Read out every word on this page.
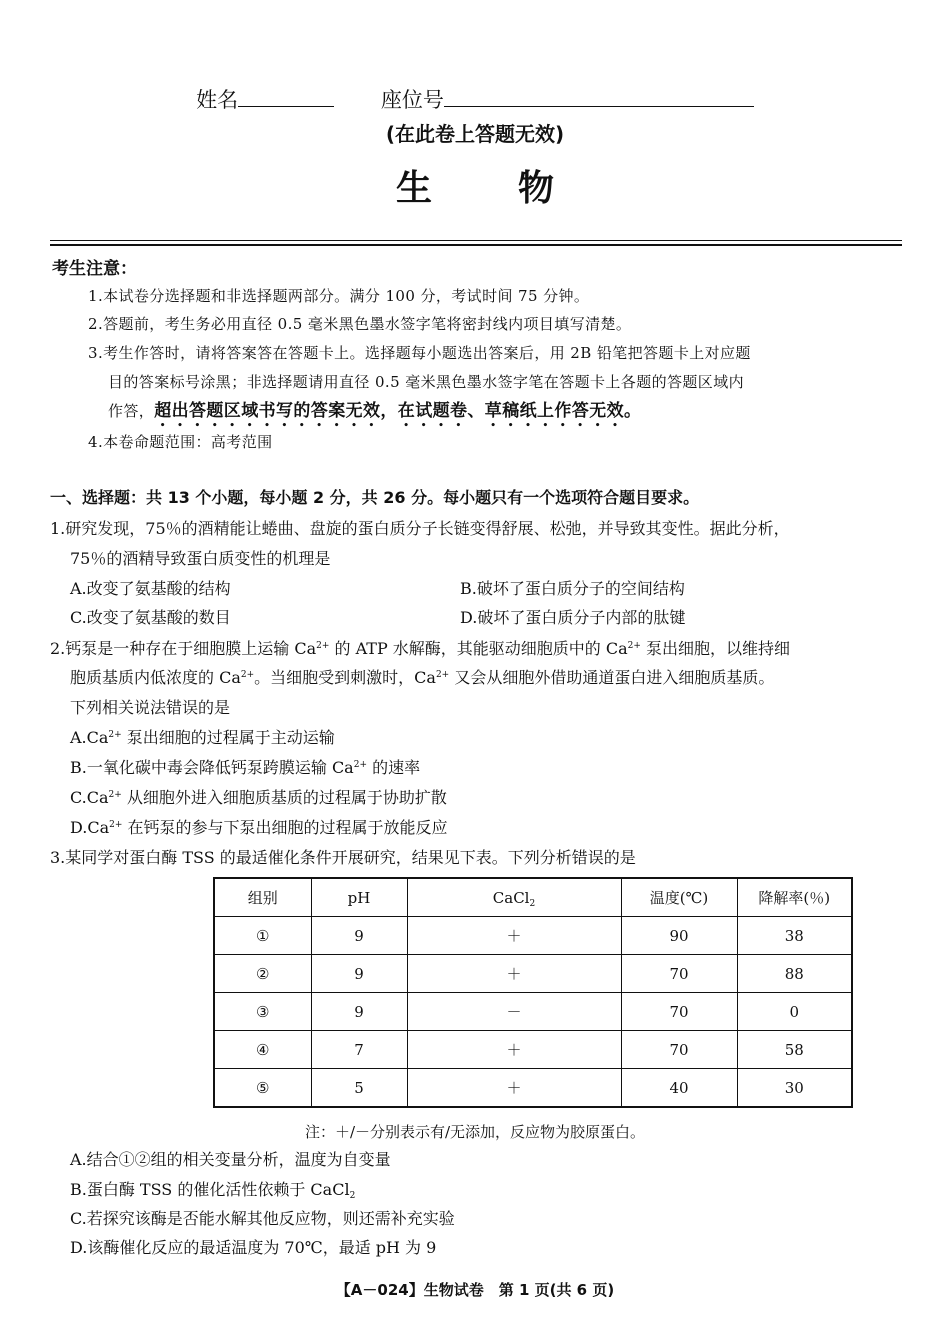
姓名	座位号
(在此卷上答题无效)
生物
考生注意：
1.本试卷分选择题和非选择题两部分。满分 100 分，考试时间 75 分钟。
2.答题前，考生务必用直径 0.5 毫米黑色墨水签字笔将密封线内项目填写清楚。
3.考生作答时，请将答案答在答题卡上。选择题每小题选出答案后，用 2B 铅笔把答题卡上对应题
目的答案标号涂黑；非选择题请用直径 0.5 毫米黑色墨水签字笔在答题卡上各题的答题区域内
作答，超出答题区域书写的答案无效，在试题卷、草稿纸上作答无效。
4.本卷命题范围：高考范围
一、选择题：共 13 个小题，每小题 2 分，共 26 分。每小题只有一个选项符合题目要求。
1.研究发现，75％的酒精能让蜷曲、盘旋的蛋白质分子长链变得舒展、松弛，并导致其变性。据此分析，
75％的酒精导致蛋白质变性的机理是
A.改变了氨基酸的结构	B.破坏了蛋白质分子的空间结构
C.改变了氨基酸的数目	D.破坏了蛋白质分子内部的肽键
2.钙泵是一种存在于细胞膜上运输 $Ca^{2+}$ 的 ATP 水解酶，其能驱动细胞质中的 $Ca^{2+}$ 泵出细胞，以维持细
胞质基质内低浓度的 $Ca^{2+}$。当细胞受到刺激时，$Ca^{2+}$ 又会从细胞外借助通道蛋白进入细胞质基质。
下列相关说法错误的是
$A.Ca^{2+}$ 泵出细胞的过程属于主动运输
B.一氧化碳中毒会降低钙泵跨膜运输 $Ca^{2+}$ 的速率
$C.Ca^{2+}$ 从细胞外进入细胞质基质的过程属于协助扩散
$D.Ca^{2+}$ 在钙泵的参与下泵出细胞的过程属于放能反应
3.某同学对蛋白酶 TSS 的最适催化条件开展研究，结果见下表。下列分析错误的是
组别	pH	CaCl$_2$	温度(℃)	降解率(％)
①	9	＋	90	38
②	9	＋	70	88
③	9	－	70	0
④	7	＋	70	58
⑤	5	＋	40	30
注：＋/－分别表示有/无添加，反应物为胶原蛋白。
A.结合①②组的相关变量分析，温度为自变量
B.蛋白酶 TSS 的催化活性依赖于 CaCl$_2$
C.若探究该酶是否能水解其他反应物，则还需补充实验
D.该酶催化反应的最适温度为 70℃，最适 pH 为 9
【A－024】生物试卷　第 1 页(共 6 页)
